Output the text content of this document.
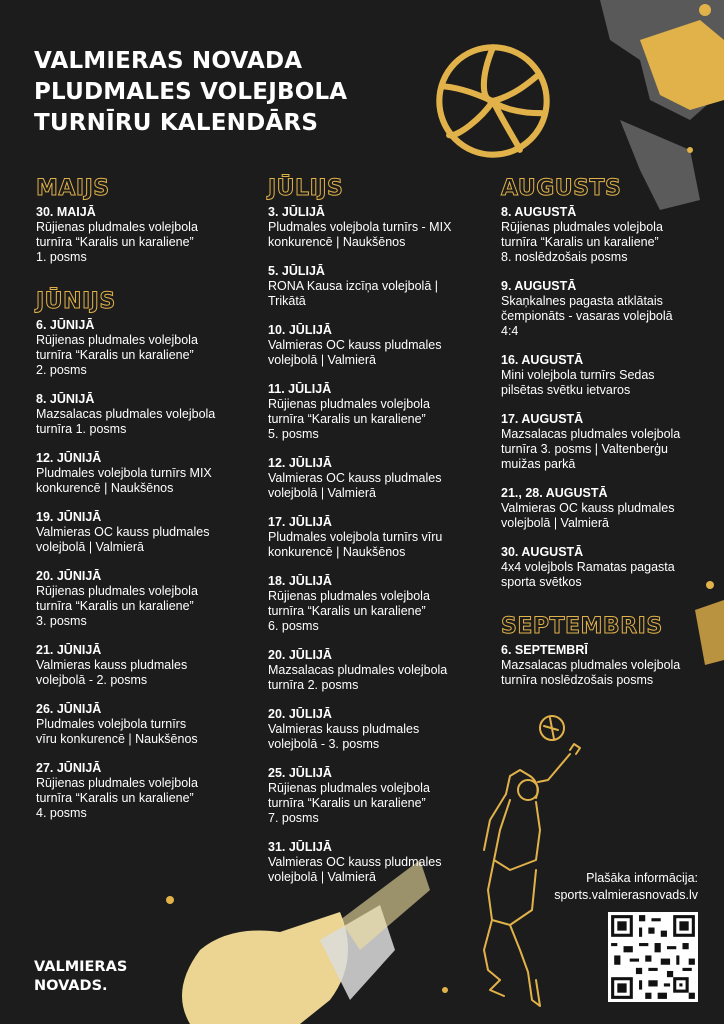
VALMIERAS NOVADA
PLUDMALES VOLEJBOLA
TURNĪRU KALENDĀRS
MAIJS
30. MAIJĀ
Rūjienas pludmales volejbola
turnīra “Karalis un karaliene”
1. posms
JŪNIJS
6. JŪNIJĀ
Rūjienas pludmales volejbola
turnīra “Karalis un karaliene”
2. posms
8. JŪNIJĀ
Mazsalacas pludmales volejbola
turnīra 1. posms
12. JŪNIJĀ
Pludmales volejbola turnīrs MIX
konkurencē | Naukšēnos
19. JŪNIJĀ
Valmieras OC kauss pludmales
volejbolā | Valmierā
20. JŪNIJĀ
Rūjienas pludmales volejbola
turnīra “Karalis un karaliene”
3. posms
21. JŪNIJĀ
Valmieras kauss pludmales
volejbolā - 2. posms
26. JŪNIJĀ
Pludmales volejbola turnīrs
vīru konkurencē | Naukšēnos
27. JŪNIJĀ
Rūjienas pludmales volejbola
turnīra “Karalis un karaliene”
4. posms
JŪLIJS
3. JŪLIJĀ
Pludmales volejbola turnīrs - MIX
konkurencē | Naukšēnos
5. JŪLIJĀ
RONA Kausa izcīņa volejbolā |
Trikātā
10. JŪLIJĀ
Valmieras OC kauss pludmales
volejbolā | Valmierā
11. JŪLIJĀ
Rūjienas pludmales volejbola
turnīra “Karalis un karaliene”
5. posms
12. JŪLIJĀ
Valmieras OC kauss pludmales
volejbolā | Valmierā
17. JŪLIJĀ
Pludmales volejbola turnīrs vīru
konkurencē | Naukšēnos
18. JŪLIJĀ
Rūjienas pludmales volejbola
turnīra “Karalis un karaliene”
6. posms
20. JŪLIJĀ
Mazsalacas pludmales volejbola
turnīra 2. posms
20. JŪLIJĀ
Valmieras kauss pludmales
volejbolā - 3. posms
25. JŪLIJĀ
Rūjienas pludmales volejbola
turnīra “Karalis un karaliene”
7. posms
31. JŪLIJĀ
Valmieras OC kauss pludmales
volejbolā | Valmierā
AUGUSTS
8. AUGUSTĀ
Rūjienas pludmales volejbola
turnīra “Karalis un karaliene”
8. noslēdzošais posms
9. AUGUSTĀ
Skaņkalnes pagasta atklātais
čempionāts - vasaras volejbolā
4:4
16. AUGUSTĀ
Mini volejbola turnīrs Sedas
pilsētas svētku ietvaros
17. AUGUSTĀ
Mazsalacas pludmales volejbola
turnīra 3. posms | Valtenberģu
muižas parkā
21., 28. AUGUSTĀ
Valmieras OC kauss pludmales
volejbolā | Valmierā
30. AUGUSTĀ
4x4 volejbols Ramatas pagasta
sporta svētkos
SEPTEMBRIS
6. SEPTEMBRĪ
Mazsalacas pludmales volejbola
turnīra noslēdzošais posms
Plašāka informācija:
sports.valmierasnovads.lv
VALMIERAS
NOVADS.
